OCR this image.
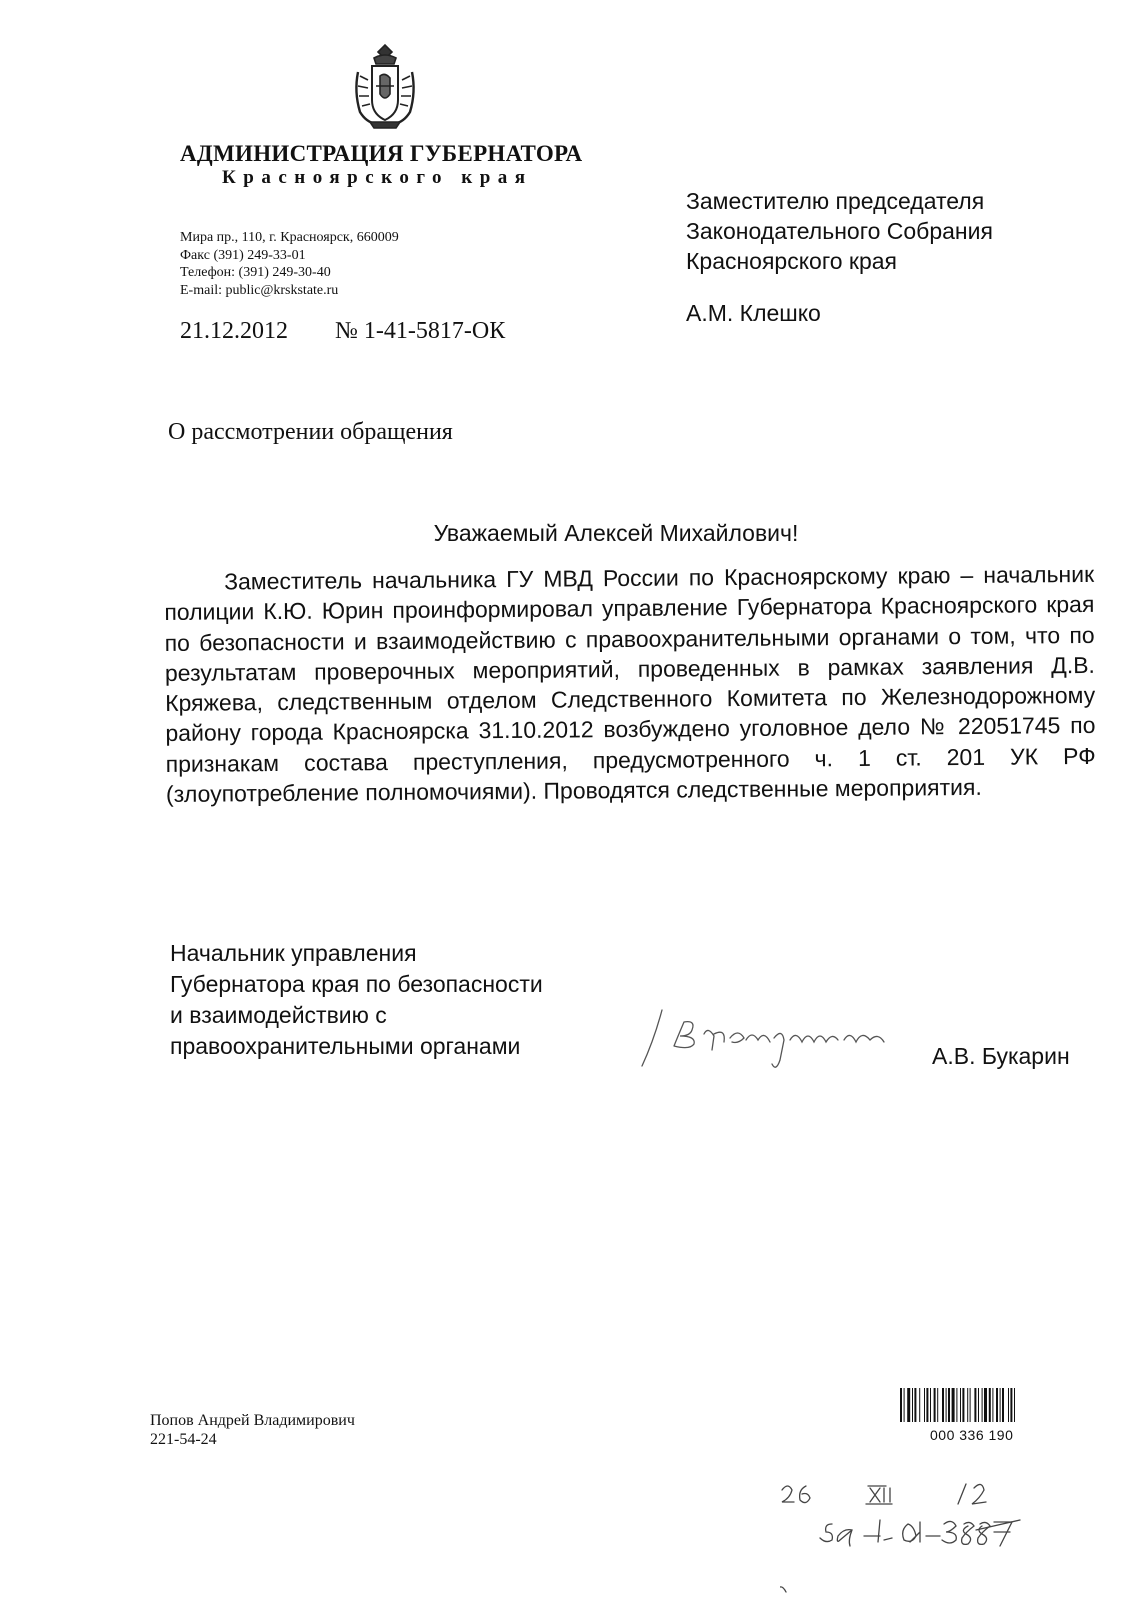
АДМИНИСТРАЦИЯ ГУБЕРНАТОРА
Красноярского края
Мира пр., 110, г. Красноярск, 660009
Факс (391) 249-33-01
Телефон: (391) 249-30-40
E-mail: public@krskstate.ru
21.12.2012 № 1-41-5817-ОК
Заместителю председателя
Законодательного Собрания
Красноярского края
А.М. Клешко
О рассмотрении обращения
Уважаемый Алексей Михайлович!
Заместитель начальника ГУ МВД России по Красноярскому краю – начальник полиции К.Ю. Юрин проинформировал управление Губернатора Красноярского края по безопасности и взаимодействию с правоохранительными органами о том, что по результатам проверочных мероприятий, проведенных в рамках заявления Д.В. Кряжева, следственным отделом Следственного Комитета по Железнодорожному району города Красноярска 31.10.2012 возбуждено уголовное дело № 22051745 по признакам состава преступления, предусмотренного ч. 1 ст. 201 УК РФ (злоупотребление полномочиями). Проводятся следственные мероприятия.
Начальник управления
Губернатора края по безопасности
и взаимодействию с
правоохранительными органами	А.В. Букарин
Попов Андрей Владимирович
221-54-24	000 336 190
